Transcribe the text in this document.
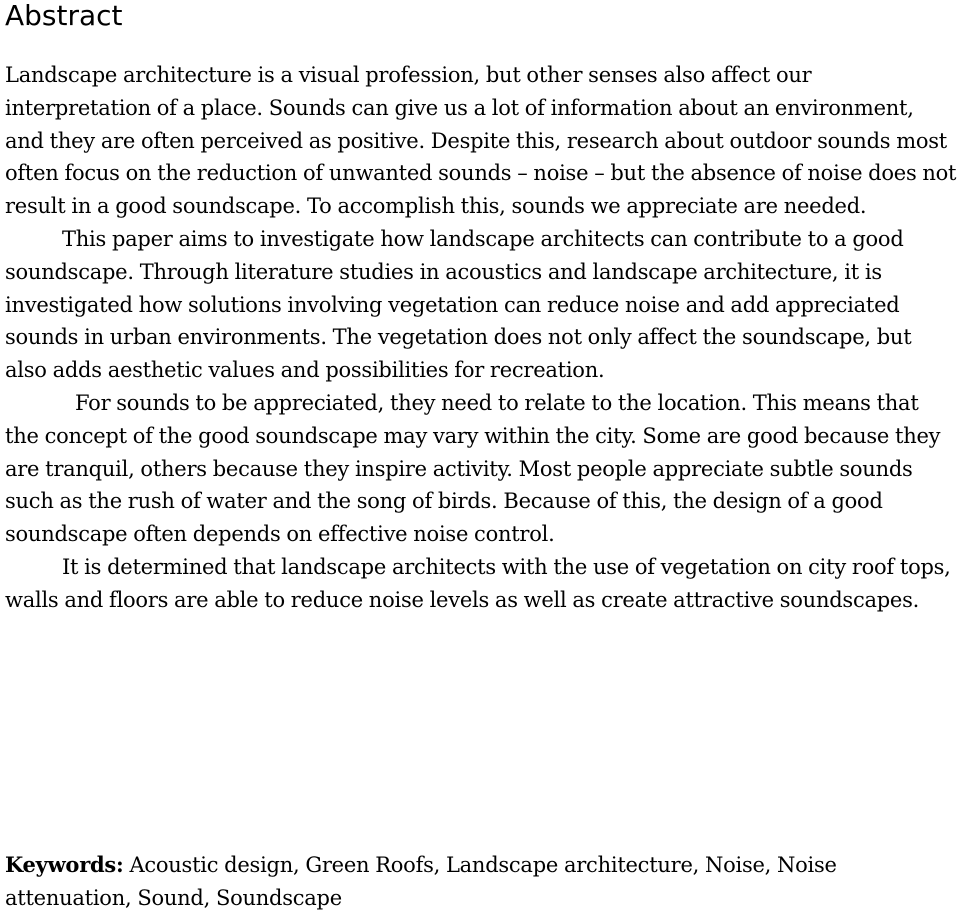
Abstract

Landscape architecture is a visual profession, but other senses also affect our interpretation of a place. Sounds can give us a lot of information about an environment, and they are often perceived as positive. Despite this, research about outdoor sounds most often focus on the reduction of unwanted sounds – noise – but the absence of noise does not result in a good soundscape. To accomplish this, sounds we appreciate are needed.

This paper aims to investigate how landscape architects can contribute to a good soundscape. Through literature studies in acoustics and landscape architecture, it is investigated how solutions involving vegetation can reduce noise and add appreciated sounds in urban environments. The vegetation does not only affect the soundscape, but also adds aesthetic values and possibilities for recreation.

For sounds to be appreciated, they need to relate to the location. This means that the concept of the good soundscape may vary within the city. Some are good because they are tranquil, others because they inspire activity. Most people appreciate subtle sounds such as the rush of water and the song of birds. Because of this, the design of a good soundscape often depends on effective noise control.

It is determined that landscape architects with the use of vegetation on city roof tops, walls and floors are able to reduce noise levels as well as create attractive soundscapes.

Keywords: Acoustic design, Green Roofs, Landscape architecture, Noise, Noise attenuation, Sound, Soundscape
